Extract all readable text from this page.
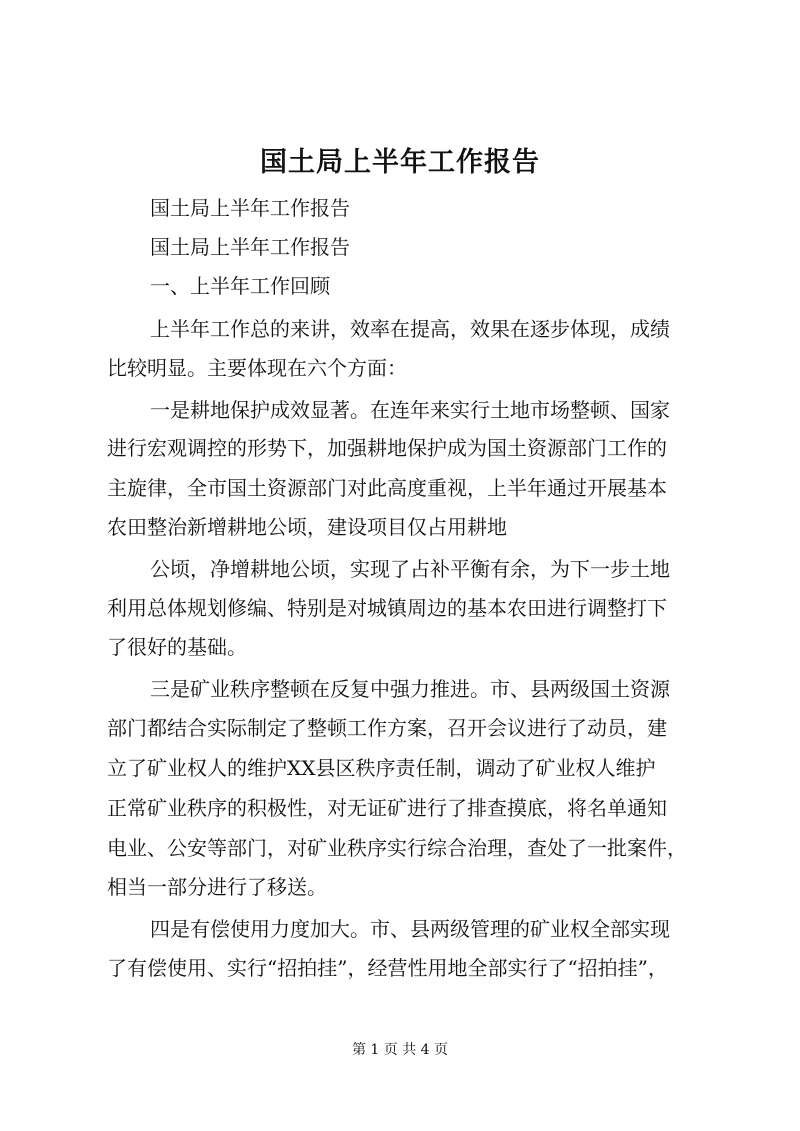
国土局上半年工作报告
国土局上半年工作报告
国土局上半年工作报告
一、上半年工作回顾
上半年工作总的来讲，效率在提高，效果在逐步体现，成绩
比较明显。主要体现在六个方面：
一是耕地保护成效显著。在连年来实行土地市场整顿、国家
进行宏观调控的形势下，加强耕地保护成为国土资源部门工作的
主旋律，全市国土资源部门对此高度重视，上半年通过开展基本
农田整治新增耕地公顷，建设项目仅占用耕地
公顷，净增耕地公顷，实现了占补平衡有余，为下一步土地
利用总体规划修编、特别是对城镇周边的基本农田进行调整打下
了很好的基础。
三是矿业秩序整顿在反复中强力推进。市、县两级国土资源
部门都结合实际制定了整顿工作方案，召开会议进行了动员，建
立了矿业权人的维护XX县区秩序责任制，调动了矿业权人维护
正常矿业秩序的积极性，对无证矿进行了排查摸底，将名单通知
电业、公安等部门，对矿业秩序实行综合治理，查处了一批案件，
相当一部分进行了移送。
四是有偿使用力度加大。市、县两级管理的矿业权全部实现
了有偿使用、实行“招拍挂”，经营性用地全部实行了“招拍挂”，
第 1 页 共 4 页
